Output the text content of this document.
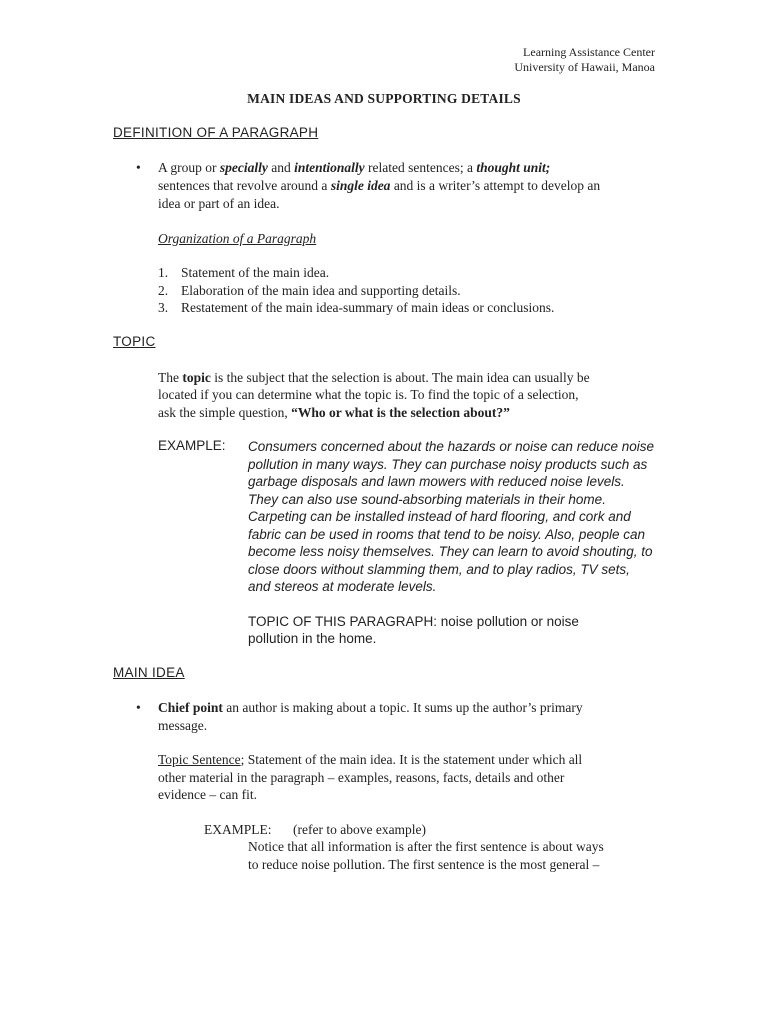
Learning Assistance Center
University of Hawaii, Manoa
MAIN IDEAS AND SUPPORTING DETAILS
DEFINITION OF A PARAGRAPH
• A group or specially and intentionally related sentences; a thought unit;
sentences that revolve around a single idea and is a writer’s attempt to develop an
idea or part of an idea.
Organization of a Paragraph
1. Statement of the main idea.
2. Elaboration of the main idea and supporting details.
3. Restatement of the main idea-summary of main ideas or conclusions.
TOPIC
The topic is the subject that the selection is about. The main idea can usually be
located if you can determine what the topic is. To find the topic of a selection,
ask the simple question, “Who or what is the selection about?”
EXAMPLE: Consumers concerned about the hazards or noise can reduce noise
pollution in many ways. They can purchase noisy products such as
garbage disposals and lawn mowers with reduced noise levels.
They can also use sound-absorbing materials in their home.
Carpeting can be installed instead of hard flooring, and cork and
fabric can be used in rooms that tend to be noisy. Also, people can
become less noisy themselves. They can learn to avoid shouting, to
close doors without slamming them, and to play radios, TV sets,
and stereos at moderate levels.
TOPIC OF THIS PARAGRAPH: noise pollution or noise
pollution in the home.
MAIN IDEA
• Chief point an author is making about a topic. It sums up the author’s primary
message.
Topic Sentence; Statement of the main idea. It is the statement under which all
other material in the paragraph – examples, reasons, facts, details and other
evidence – can fit.
EXAMPLE: (refer to above example)
Notice that all information is after the first sentence is about ways
to reduce noise pollution. The first sentence is the most general –
